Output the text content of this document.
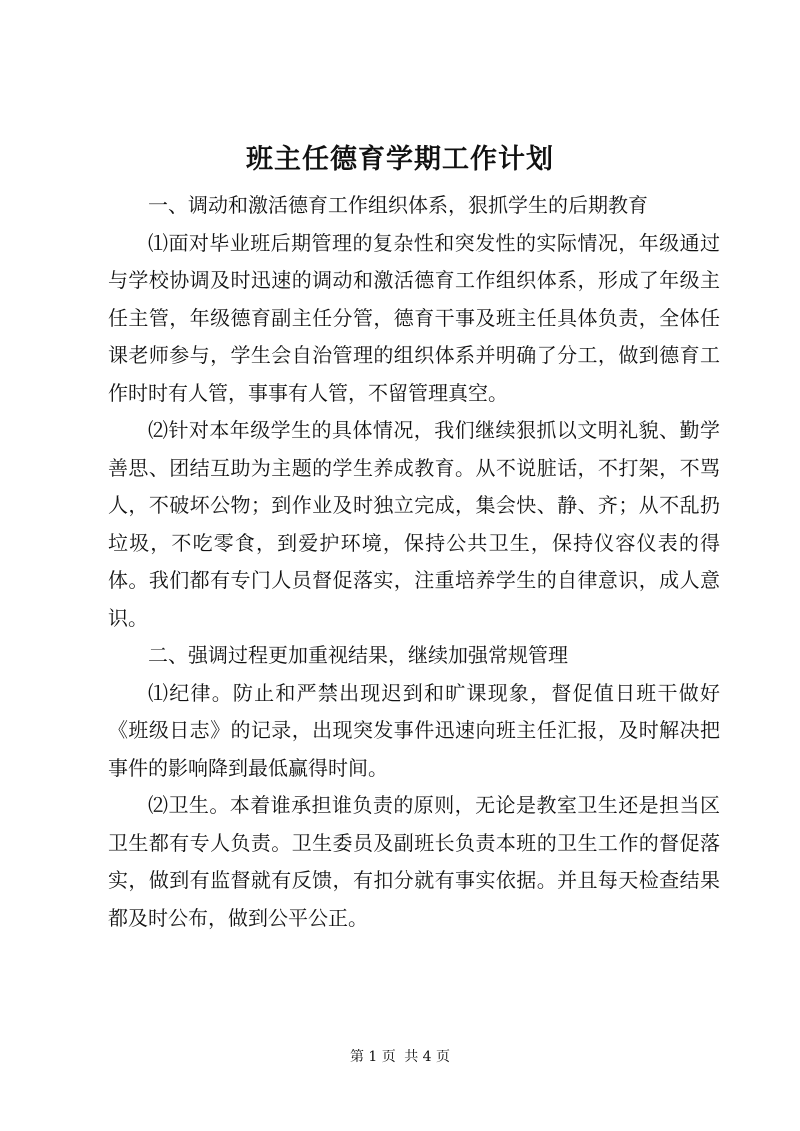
班主任德育学期工作计划

一、调动和激活德育工作组织体系，狠抓学生的后期教育

⑴面对毕业班后期管理的复杂性和突发性的实际情况，年级通过与学校协调及时迅速的调动和激活德育工作组织体系，形成了年级主任主管，年级德育副主任分管，德育干事及班主任具体负责，全体任课老师参与，学生会自治管理的组织体系并明确了分工，做到德育工作时时有人管，事事有人管，不留管理真空。

⑵针对本年级学生的具体情况，我们继续狠抓以文明礼貌、勤学善思、团结互助为主题的学生养成教育。从不说脏话，不打架，不骂人，不破坏公物；到作业及时独立完成，集会快、静、齐；从不乱扔垃圾，不吃零食，到爱护环境，保持公共卫生，保持仪容仪表的得体。我们都有专门人员督促落实，注重培养学生的自律意识，成人意识。

二、强调过程更加重视结果，继续加强常规管理

⑴纪律。防止和严禁出现迟到和旷课现象，督促值日班干做好《班级日志》的记录，出现突发事件迅速向班主任汇报，及时解决把事件的影响降到最低赢得时间。

⑵卫生。本着谁承担谁负责的原则，无论是教室卫生还是担当区卫生都有专人负责。卫生委员及副班长负责本班的卫生工作的督促落实，做到有监督就有反馈，有扣分就有事实依据。并且每天检查结果都及时公布，做到公平公正。

第 1 页 共 4 页
